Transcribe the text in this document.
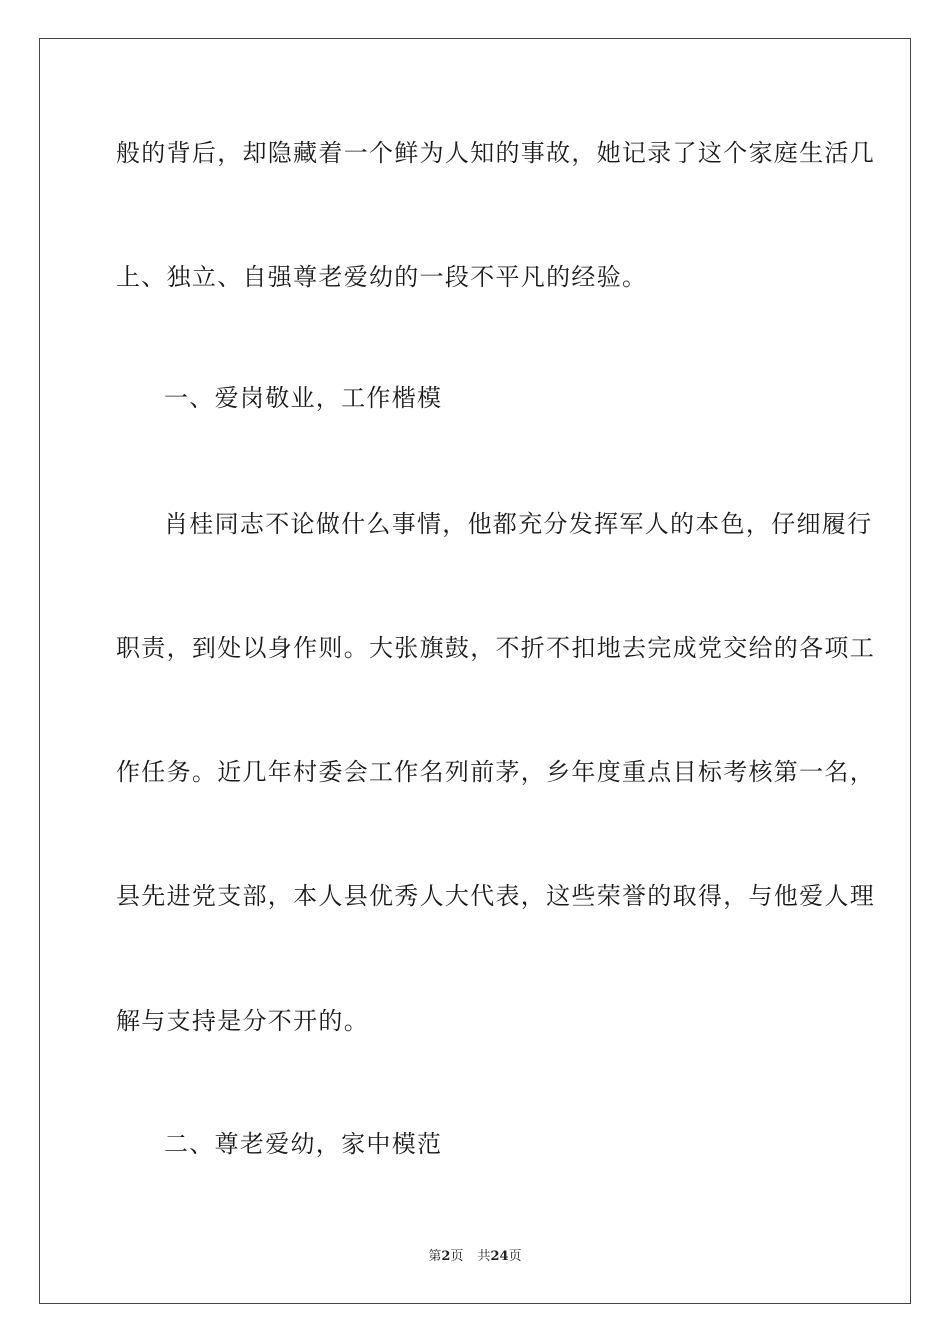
般的背后，却隐藏着一个鲜为人知的事故，她记录了这个家庭生活几
上、独立、自强尊老爱幼的一段不平凡的经验。
一、爱岗敬业，工作楷模
肖桂同志不论做什么事情，他都充分发挥军人的本色，仔细履行
职责，到处以身作则。大张旗鼓，不折不扣地去完成党交给的各项工
作任务。近几年村委会工作名列前茅，乡年度重点目标考核第一名，
县先进党支部，本人县优秀人大代表，这些荣誉的取得，与他爱人理
解与支持是分不开的。
二、尊老爱幼，家中模范
第2页 共24页
